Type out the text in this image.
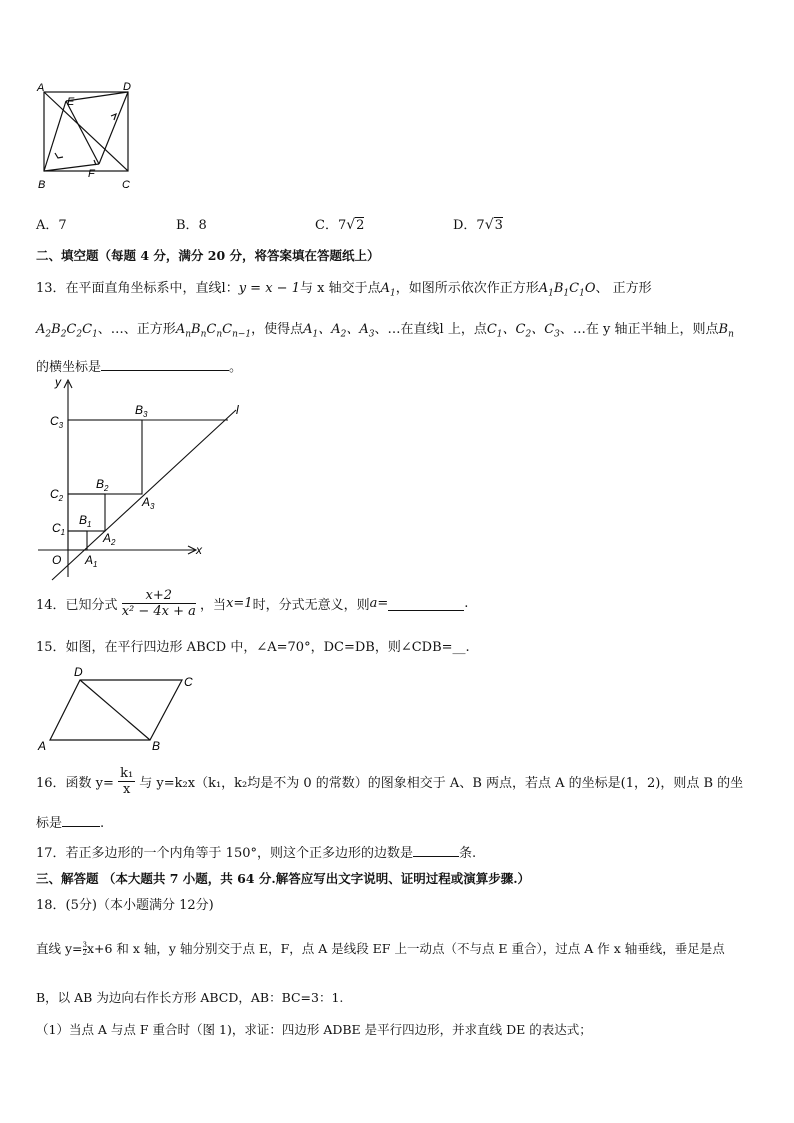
A	D
E
B
F
C
A．7	B．8	C．7√2	D．7√3
二、填空题（每题 4 分，满分 20 分，将答案填在答题纸上）
13．在平面直角坐标系中，直线l：y = x − 1与 x 轴交于点$A_1$，如图所示依次作正方形$A_1B_1C_1O$、 正方形
$A_2B_2C_2C_1$、…、正方形$A_nB_nC_nC_{n-1}$，使得点$A_1$、$A_2$、$A_3$、…在直线l 上，点$C_1$、$C_2$、$C_3$、…在 y 轴正半轴上，则点$B_n$
的横坐标是	。
y
x
l
O
$C_3$
$C_2$
$C_1$
$B_3$
$B_2$
$B_1$
$A_3$
$A_2$
$A_1$
14．已知分式 $\frac{x+2}{\text{x² − 4x + a}}$ ，当x=1时，分式无意义，则a=	.
15．如图，在平行四边形 ABCD 中，∠A=70°，DC=DB，则∠CDB=__.
A	B
C
D
16．函数 $y= \frac{\text{k₁}}{x}$ 与 y=k₂x（k₁，k₂均是不为 0 的常数）的图象相交于 A、B 两点，若点 A 的坐标是(1，2)，则点 B 的坐
标是	.
17．若正多边形的一个内角等于 150°，则这个正多边形的边数是	条.
三、解答题 （本大题共 7 小题，共 64 分.解答应写出文字说明、证明过程或演算步骤.）
18．(5分)（本小题满分 12分)
直线 $y= \frac{3}{2} x+6$ 和 x 轴，y 轴分别交于点 E，F，点 A 是线段 EF 上一动点（不与点 E 重合），过点 A 作 x 轴垂线，垂足是点
B，以 AB 为边向右作长方形 ABCD，AB：BC=3：1.
（1）当点 A 与点 F 重合时（图 1)，求证：四边形 ADBE 是平行四边形，并求直线 DE 的表达式；
